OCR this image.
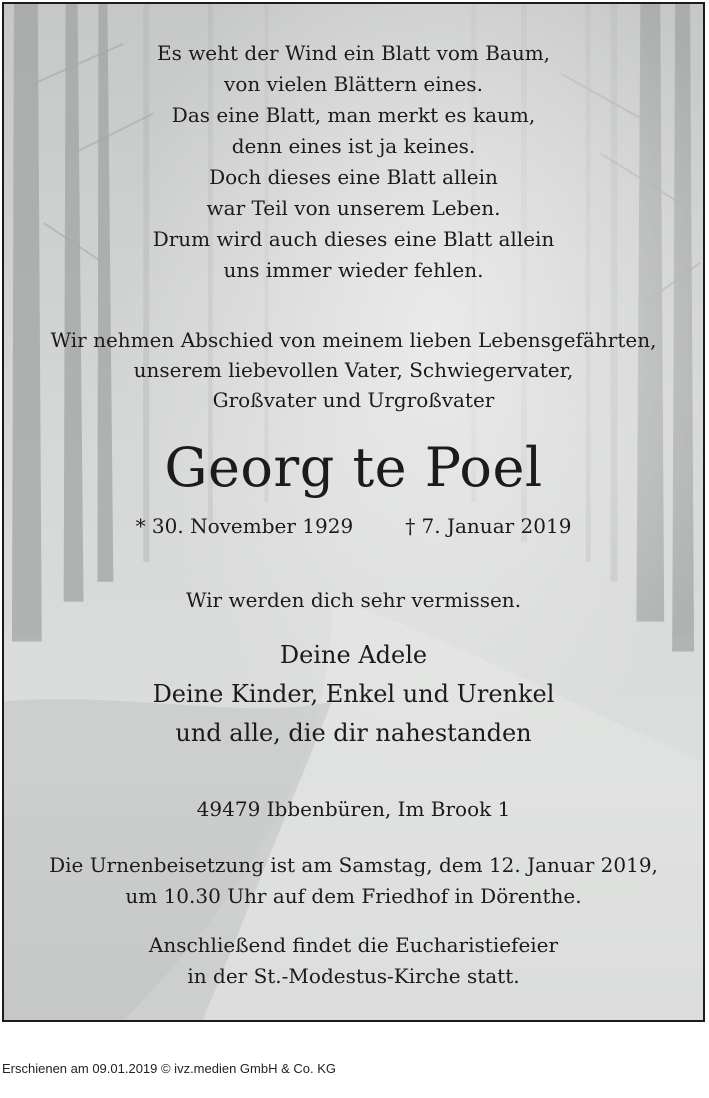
Es weht der Wind ein Blatt vom Baum,
von vielen Blättern eines.
Das eine Blatt, man merkt es kaum,
denn eines ist ja keines.
Doch dieses eine Blatt allein
war Teil von unserem Leben.
Drum wird auch dieses eine Blatt allein
uns immer wieder fehlen.
Wir nehmen Abschied von meinem lieben Lebensgefährten,
unserem liebevollen Vater, Schwiegervater,
Großvater und Urgroßvater
Georg te Poel
* 30. November 1929	† 7. Januar 2019
Wir werden dich sehr vermissen.
Deine Adele
Deine Kinder, Enkel und Urenkel
und alle, die dir nahestanden
49479 Ibbenbüren, Im Brook 1
Die Urnenbeisetzung ist am Samstag, dem 12. Januar 2019,
um 10.30 Uhr auf dem Friedhof in Dörenthe.
Anschließend findet die Eucharistiefeier
in der St.-Modestus-Kirche statt.
Erschienen am 09.01.2019 © ivz.medien GmbH & Co. KG
